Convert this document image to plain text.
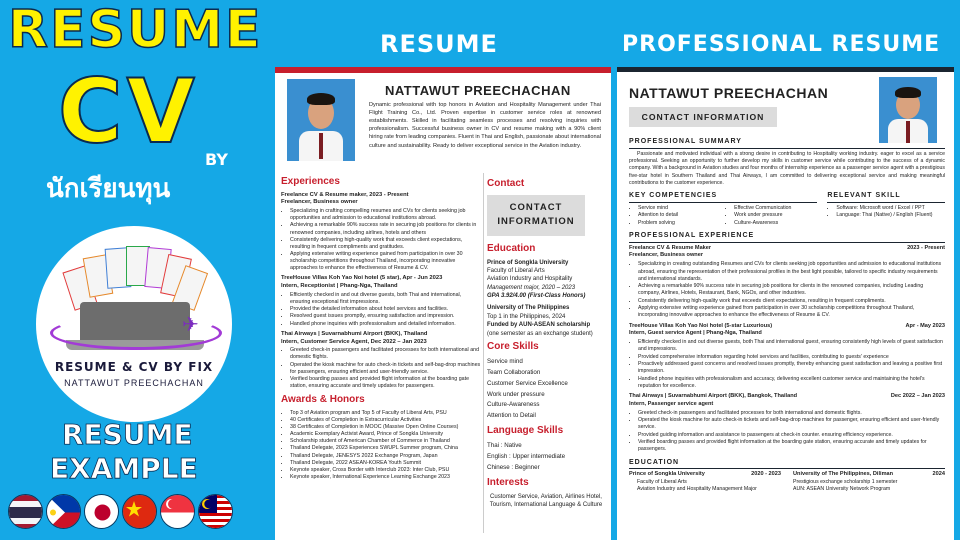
RESUME
CV BY
นักเรียนทุน
✈
RESUME & CV BY FIX
NATTAWUT PREECHACHAN
RESUME
EXAMPLE
RESUME	PROFESSIONAL RESUME
NATTAWUT PREECHACHAN
Dynamic professional with top honors in Aviation and Hospitality Management under Thai Flight Training Co., Ltd. Proven expertise in customer service roles at renowned establishments. Skilled in facilitating seamless processes and resolving inquiries with professionalism. Successful business owner in CV and resume making with a 90% client hiring rate from leading companies. Fluent in Thai and English, passionate about international culture and sustainability. Ready to deliver exceptional service in the Aviation industry.
Experiences
Freelance CV & Resume maker, 2023 - Present
Freelancer, Business owner
• Specializing in crafting compelling resumes and CVs for clients seeking job opportunities and admission to educational institutions abroad.
• Achieving a remarkable 90% success rate in securing job positions for clients in renowned companies, including airlines, hotels and others
• Consistently delivering high-quality work that exceeds client expectations, resulting in frequent compliments and gratitudes.
• Applying extensive writing experience gained from participation in over 30 scholarship competitions throughout Thailand, incorporating innovative approaches to enhance the effectiveness of Resume & CV.
TreeHouse Villas Koh Yao Noi hotel (5 star), Apr - Jun 2023
Intern, Receptionist | Phang-Nga, Thailand
• Efficiently checked in and out diverse guests, both Thai and international, ensuring exceptional first impressions.
• Provided the detailed information about hotel services and facilities.
• Resolved guest issues promptly, ensuring satisfaction and impression.
• Handled phone inquiries with professionalism and detailed information.
Thai Airways | Suvarnabhumi Airport (BKK), Thailand
Intern, Customer Service Agent, Dec 2022 – Jan 2023
• Greeted check-in passengers and facilitated processes for both international and domestic flights.
• Operated the kiosk machine for auto check-in tickets and self-bag-drop machines for passengers, ensuring efficient and user-friendly service.
• Verified boarding passes and provided flight information at the boarding gate station, ensuring accurate and timely updates for passengers.
Awards & Honors
• Top 3 of Aviation program and Top 5 of Faculty of Liberal Arts, PSU
• 40 Certificates of Completion in Extracurricular Activities
• 38 Certificates of Completion in MOOC (Massive Open Online Courses)
• Academic Exemplary Activist Award, Prince of Songkla University
• Scholarship student of American Chamber of Commerce in Thailand
• Thailand Delegate, 2023 Experiences SWUPL Summer program, China
• Thailand Delegate, JENESYS 2022 Exchange Program, Japan
• Thailand Delegate, 2022 ASEAN-KOREA Youth Summit
• Keynote speaker, Cross Border with Interclub 2023: Inter Club, PSU
• Keynote speaker, International Experience Learning Exchange 2023
Contact
CONTACT
INFORMATION
Education
Prince of Songkla University
Faculty of Liberal Arts
Aviation Industry and Hospitality
Management major, 2020 – 2023
GPA 3.92/4.00 (First-Class Honors)
University of The Philippines
Top 1 in the Philippines, 2024
Funded by AUN-ASEAN scholarship
(one semester as an exchange student)
Core Skills
Service mind
Team Collaboration
Customer Service Excellence
Work under pressure
Culture-Awareness
Attention to Detail
Language Skills
Thai : Native
English : Upper intermediate
Chinese : Beginner
Interests
Customer Service, Aviation, Airlines Hotel, Tourism, International Language & Culture
NATTAWUT PREECHACHAN
CONTACT INFORMATION
PROFESSIONAL SUMMARY

Passionate and motivated individual with a strong desire in contributing to Hospitality working industry. eager to excel as a service professional. Seeking an opportunity to further develop my skills in customer service while contributing to the success of a dynamic company. With a background in Aviation studies and four months of internship experience as a passenger service agent with a prestigious five-star hotel in Southern Thailand and Thai Airways, I am committed to delivering exceptional service and making meaningful contributions to the customer experience.

KEY COMPETENCIES
• Service mind
• Attention to detail
• Problem solving
• Effective Communication
• Work under pressure
• Culture-Awareness
RELEVANT SKILL
• Software: Microsoft word / Excel / PPT
• Language: Thai (Native) / English (Fluent)
PROFESSIONAL EXPERIENCE
Freelance CV & Resume Maker	2023 - Present
Freelancer, Business owner
• Specializing in creating outstanding Resumes and CVs for clients seeking job opportunities and admission to educational institutions abroad, ensuring the representation of their professional profiles in the best light possible, tailored to specific industry requirements and international standards.
• Achieving a remarkable 90% success rate in securing job positions for clients in the renowned companies, including Leading company, Airlines, Hotels, Restaurant, Bank, NGOs, and other industries.
• Consistently delivering high-quality work that exceeds client expectations, resulting in frequent compliments.
• Applying extensive writing experience gained from participation in over 30 scholarship competitions throughout Thailand, incorporating innovative approaches to enhance the effectiveness of Resume & CV.
TreeHouse Villas Koh Yao Noi hotel (5-star Luxurious)	Apr - May 2023
Intern, Guest service Agent | Phang-Nga, Thailand
• Efficiently checked in and out diverse guests, both Thai and international guest, ensuring consistently high levels of guest satisfaction and impressions.
• Provided comprehensive information regarding hotel services and facilities, contributing to guests' experience
• Proactively addressed guest concerns and resolved issues promptly, thereby enhancing guest satisfaction and leaving a positive first impression.
• Handled phone inquiries with professionalism and accuracy, delivering excellent customer service and maintaining the hotel's reputation for excellence.
Thai Airways | Suvarnabhumi Airport (BKK), Bangkok, Thailand	Dec 2022 – Jan 2023
Intern, Passenger service agent
• Greeted check-in passengers and facilitated processes for both international and domestic flights.
• Operated the kiosk machine for auto check-in tickets and self-bag-drop machines for passenger, ensuring efficient and user-friendly service.
• Provided guiding information and assistance to passengers at check-in counter. ensuring efficiency experience.
• Verified boarding passes and provided flight information at the boarding gate station, ensuring accurate and timely updates for passengers.
EDUCATION
Prince of Songkla University	2020 - 2023
Faculty of Liberal Arts
Aviation Industry and Hospitality Management Major
University of The Philippines, Diliman	2024
Prestigious exchange scholarship 1 semester
AUN: ASEAN University Network Program
